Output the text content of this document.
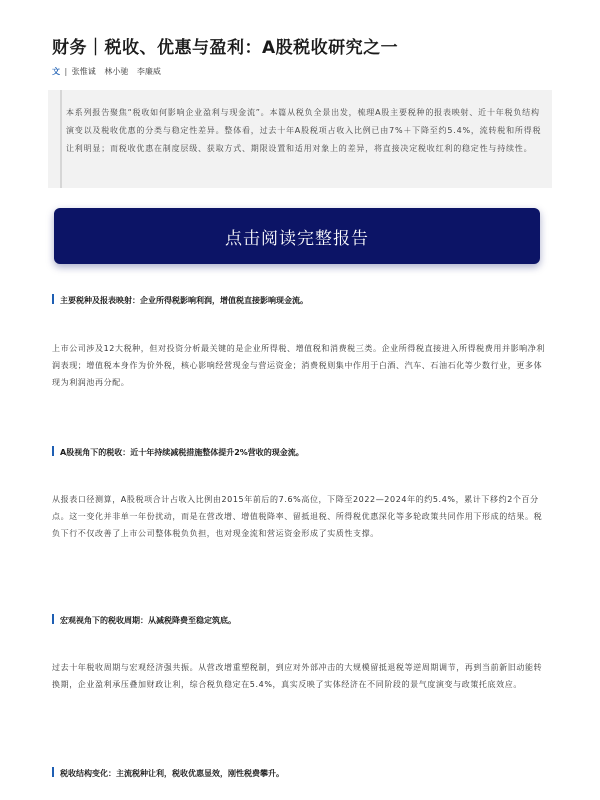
财务｜税收、优惠与盈利：A股税收研究之一
文 | 张惟诚 林小驰 李廉威
本系列报告聚焦“税收如何影响企业盈利与现金流”。本篇从税负全景出发，梳理A股主要税种的报表映射、近十年税负结构演变以及税收优惠的分类与稳定性差异。整体看，过去十年A股税项占收入比例已由7%＋下降至约5.4%，流转税和所得税让利明显；而税收优惠在制度层级、获取方式、期限设置和适用对象上的差异，将直接决定税收红利的稳定性与持续性。
点击阅读完整报告
主要税种及报表映射：企业所得税影响利润，增值税直接影响现金流。
上市公司涉及12大税种，但对投资分析最关键的是企业所得税、增值税和消费税三类。企业所得税直接进入所得税费用并影响净利润表现；增值税本身作为价外税，核心影响经营现金与营运资金；消费税则集中作用于白酒、汽车、石油石化等少数行业，更多体现为利润池再分配。
A股视角下的税收：近十年持续减税措施整体提升2%营收的现金流。
从报表口径测算，A股税项合计占收入比例由2015年前后的7.6%高位，下降至2022—2024年的约5.4%，累计下移约2个百分点。这一变化并非单一年份扰动，而是在营改增、增值税降率、留抵退税、所得税优惠深化等多轮政策共同作用下形成的结果。税负下行不仅改善了上市公司整体税负负担，也对现金流和营运资金形成了实质性支撑。
宏观视角下的税收周期：从减税降费至稳定筑底。
过去十年税收周期与宏观经济强共振。从营改增重塑税制，到应对外部冲击的大规模留抵退税等逆周期调节，再到当前新旧动能转换期，企业盈利承压叠加财政让利，综合税负稳定在5.4%，真实反映了实体经济在不同阶段的景气度演变与政策托底效应。
税收结构变化：主流税种让利，税收优惠显效，刚性税费攀升。
